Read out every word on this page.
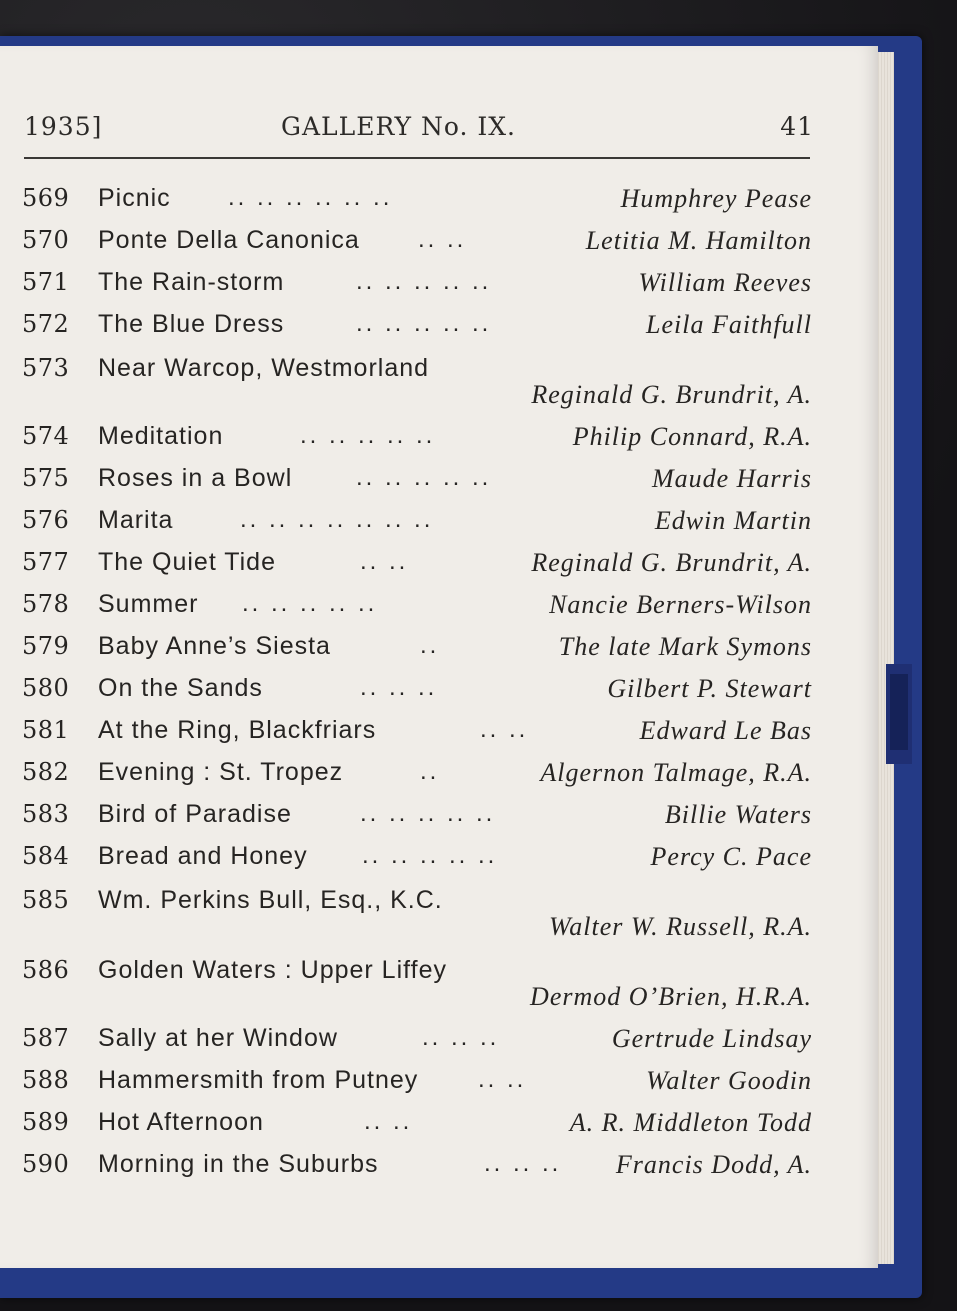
1935]	GALLERY No. IX.	41
569 Picnic .. .. .. .. .. ..	Humphrey Pease
570 Ponte Della Canonica .. ..	Letitia M. Hamilton
571 The Rain-storm	.. .. .. .. ..	William Reeves
572 The Blue Dress	.. .. .. .. ..	Leila Faithfull
573 Near Warcop, Westmorland
Reginald G. Brundrit, A.
574 Meditation	.. .. .. .. ..	Philip Connard, R.A.
575 Roses in a Bowl	.. .. .. .. ..	Maude Harris
576 Marita	.. .. .. .. .. .. ..	Edwin Martin
577 The Quiet Tide	.. ..	Reginald G. Brundrit, A.
578 Summer .. .. .. .. ..	Nancie Berners-Wilson
579 Baby Anne’s Siesta	..	The late Mark Symons
580 On the Sands	.. .. ..	Gilbert P. Stewart
581 At the Ring, Blackfriars	.. ..	Edward Le Bas
582 Evening : St. Tropez	..	Algernon Talmage, R.A.
583 Bird of Paradise	.. .. .. .. ..	Billie Waters
584 Bread and Honey .. .. .. .. ..	Percy C. Pace
585 Wm. Perkins Bull, Esq., K.C.
Walter W. Russell, R.A.
586 Golden Waters : Upper Liffey
Dermod O’Brien, H.R.A.
587 Sally at her Window	.. .. ..	Gertrude Lindsay
588 Hammersmith from Putney .. ..	Walter Goodin
589 Hot Afternoon	.. ..	A. R. Middleton Todd
590 Morning in the Suburbs	.. .. .. Francis Dodd, A.
